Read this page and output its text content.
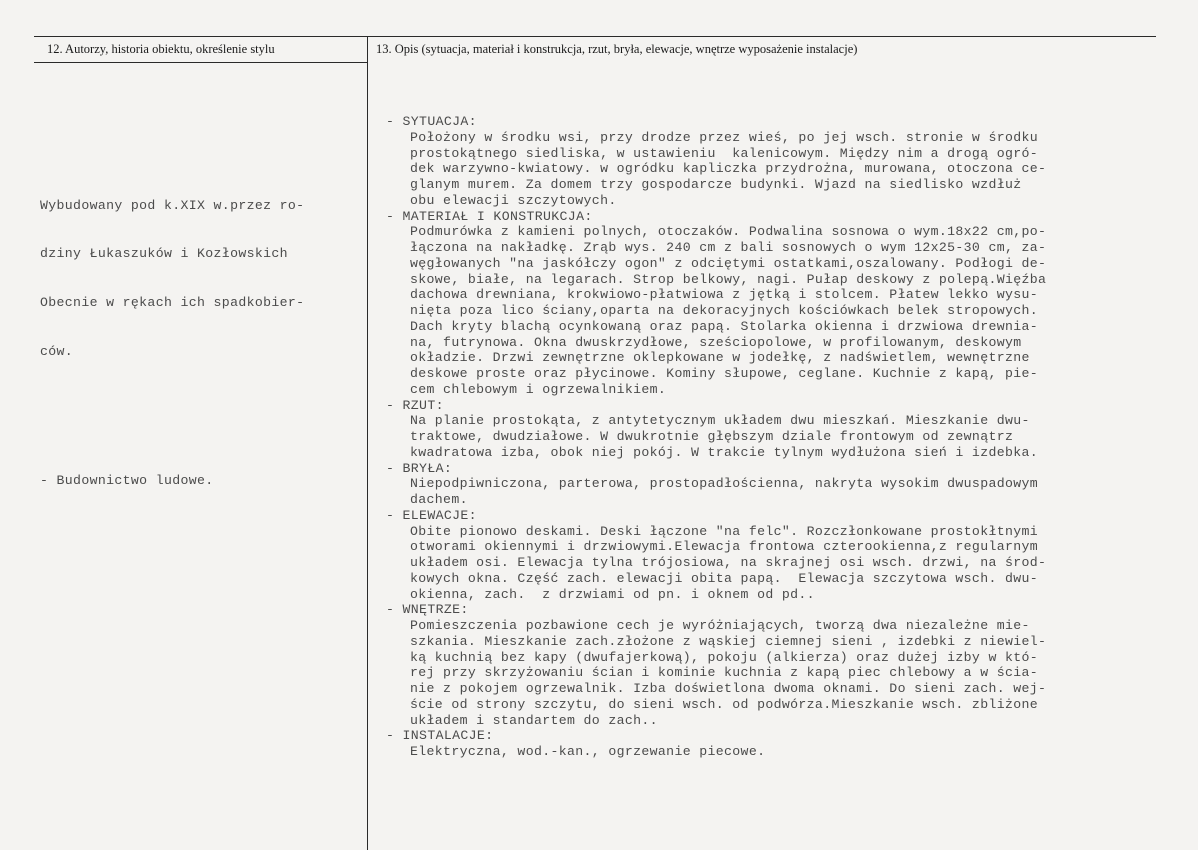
12. Autorzy, historia obiektu, określenie stylu	13. Opis (sytuacja, materiał i konstrukcja, rzut, bryła, elewacje, wnętrze wyposażenie instalacje)

Wybudowany pod k.XIX w.przez ro-

dziny Łukaszuków i Kozłowskich

Obecnie w rękach ich spadkobier-

ców.

- Budownictwo ludowe.

- SYTUACJA:
Położony w środku wsi, przy drodze przez wieś, po jej wsch. stronie w środku
prostokątnego siedliska, w ustawieniu  kalenicowym. Między nim a drogą ogró-
dek warzywno-kwiatowy. w ogródku kapliczka przydrożna, murowana, otoczona ce-
glanym murem. Za domem trzy gospodarcze budynki. Wjazd na siedlisko wzdłuż
obu elewacji szczytowych.
- MATERIAŁ I KONSTRUKCJA:
Podmurówka z kamieni polnych, otoczaków. Podwalina sosnowa o wym.18x22 cm,po-
łączona na nakładkę. Zrąb wys. 240 cm z bali sosnowych o wym 12x25-30 cm, za-
węgłowanych "na jaskółczy ogon" z odciętymi ostatkami,oszalowany. Podłogi de-
skowe, białe, na legarach. Strop belkowy, nagi. Pułap deskowy z polepą.Więźba
dachowa drewniana, krokwiowo-płatwiowa z jętką i stolcem. Płatew lekko wysu-
nięta poza lico ściany,oparta na dekoracyjnych kościówkach belek stropowych.
Dach kryty blachą ocynkowaną oraz papą. Stolarka okienna i drzwiowa drewnia-
na, futrynowa. Okna dwuskrzydłowe, sześciopolowe, w profilowanym, deskowym
okładzie. Drzwi zewnętrzne oklepkowane w jodełkę, z nadświetlem, wewnętrzne
deskowe proste oraz płycinowe. Kominy słupowe, ceglane. Kuchnie z kapą, pie-
cem chlebowym i ogrzewalnikiem.
- RZUT:
Na planie prostokąta, z antytetycznym układem dwu mieszkań. Mieszkanie dwu-
traktowe, dwudziałowe. W dwukrotnie głębszym dziale frontowym od zewnątrz
kwadratowa izba, obok niej pokój. W trakcie tylnym wydłużona sień i izdebka.
- BRYŁA:
Niepodpiwniczona, parterowa, prostopadłościenna, nakryta wysokim dwuspadowym
dachem.
- ELEWACJE:
Obite pionowo deskami. Deski łączone "na felc". Rozczłonkowane prostokłtnymi
otworami okiennymi i drzwiowymi.Elewacja frontowa czterookienna,z regularnym
układem osi. Elewacja tylna trójosiowa, na skrajnej osi wsch. drzwi, na środ-
kowych okna. Część zach. elewacji obita papą.  Elewacja szczytowa wsch. dwu-
okienna, zach.  z drzwiami od pn. i oknem od pd..
- WNĘTRZE:
Pomieszczenia pozbawione cech je wyróżniających, tworzą dwa niezależne mie-
szkania. Mieszkanie zach.złożone z wąskiej ciemnej sieni , izdebki z niewiel-
ką kuchnią bez kapy (dwufajerkową), pokoju (alkierza) oraz dużej izby w któ-
rej przy skrzyżowaniu ścian i kominie kuchnia z kapą piec chlebowy a w ścia-
nie z pokojem ogrzewalnik. Izba doświetlona dwoma oknami. Do sieni zach. wej-
ście od strony szczytu, do sieni wsch. od podwórza.Mieszkanie wsch. zbliżone
układem i standartem do zach..
- INSTALACJE:
Elektryczna, wod.-kan., ogrzewanie piecowe.
